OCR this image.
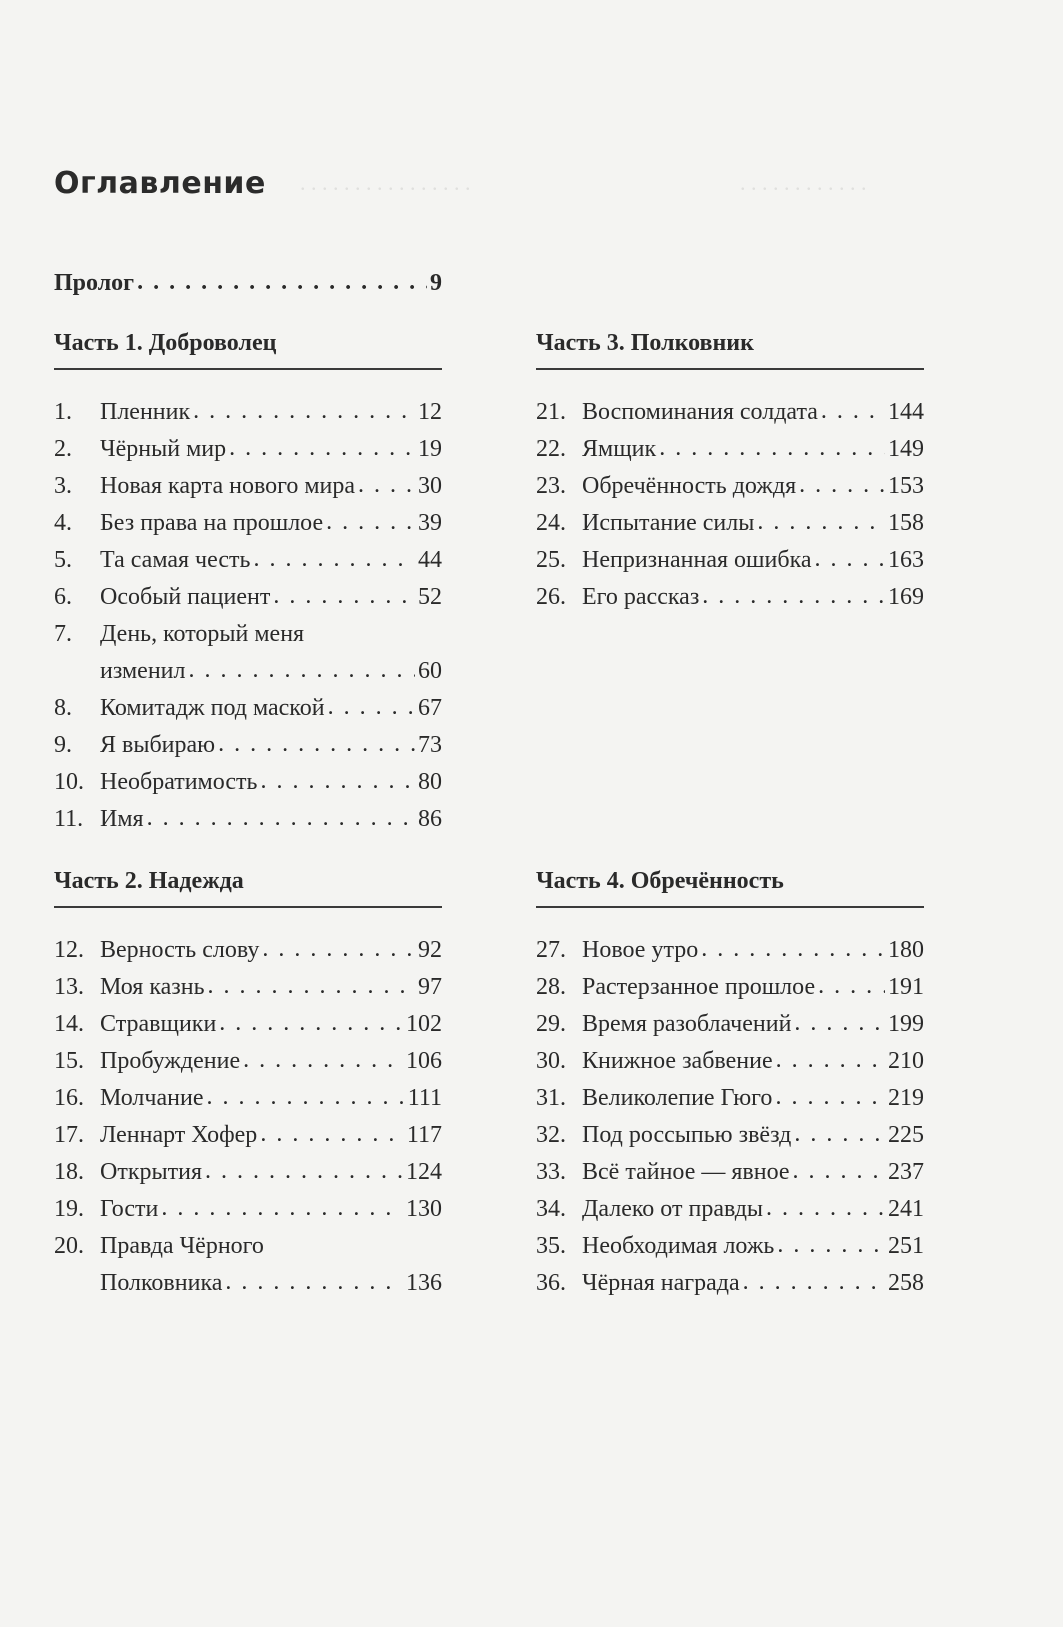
. . . . . . . . . . . . . . . .	. . . . . . . . . . . .
Оглавление
Пролог . . .	9
Часть 1. Доброволец
1.	Пленник . . .	12
2.	Чёрный мир . . .	19
3.	Новая карта нового мира . . .	30
4.	Без права на прошлое . . .	39
5.	Та самая честь . . .	44
6.	Особый пациент . . .	52
7.	День, который меня
изменил . . .	60
8.	Комитадж под маской . . .	67
9.	Я выбираю . . .	73
10. Необратимость . . .	80
11. Имя . . .	86
Часть 2. Надежда
12. Верность слову . . .	92
13. Моя казнь . . .	97
14. Стравщики . . .	102
15. Пробуждение . . .	106
16. Молчание . . .	111
17. Леннарт Хофер . . .	117
18. Открытия . . .	124
19. Гости . . .	130
20. Правда Чёрного
Полковника . . .	136
Часть 3. Полковник
21. Воспоминания солдата . . .	144
22. Ямщик . . .	149
23. Обречённость дождя . . .	153
24. Испытание силы . . .	158
25. Непризнанная ошибка . . .	163
26. Его рассказ . . .	169
Часть 4. Обречённость
27. Новое утро . . .	180
28. Растерзанное прошлое . . .	191
29. Время разоблачений . . .	199
30. Книжное забвение . . .	210
31. Великолепие Гюго . . .	219
32. Под россыпью звёзд . . .	225
33. Всё тайное — явное . . .	237
34. Далеко от правды . . .	241
35. Необходимая ложь . . .	251
36. Чёрная награда . . .	258
